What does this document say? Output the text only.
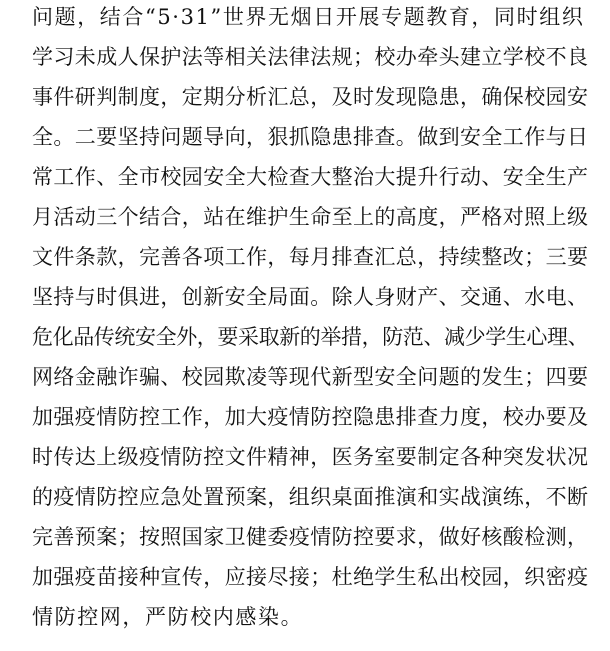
问题，结合“5·31”世界无烟日开展专题教育，同时组织
学习未成人保护法等相关法律法规；校办牵头建立学校不良
事件研判制度，定期分析汇总，及时发现隐患，确保校园安
全。二要坚持问题导向，狠抓隐患排查。做到安全工作与日
常工作、全市校园安全大检查大整治大提升行动、安全生产
月活动三个结合，站在维护生命至上的高度，严格对照上级
文件条款，完善各项工作，每月排查汇总，持续整改；三要
坚持与时俱进，创新安全局面。除人身财产、交通、水电、
危化品传统安全外，要采取新的举措，防范、减少学生心理、
网络金融诈骗、校园欺凌等现代新型安全问题的发生；四要
加强疫情防控工作，加大疫情防控隐患排查力度，校办要及
时传达上级疫情防控文件精神，医务室要制定各种突发状况
的疫情防控应急处置预案，组织桌面推演和实战演练，不断
完善预案；按照国家卫健委疫情防控要求，做好核酸检测，
加强疫苗接种宣传，应接尽接；杜绝学生私出校园，织密疫
情防控网，严防校内感染。
